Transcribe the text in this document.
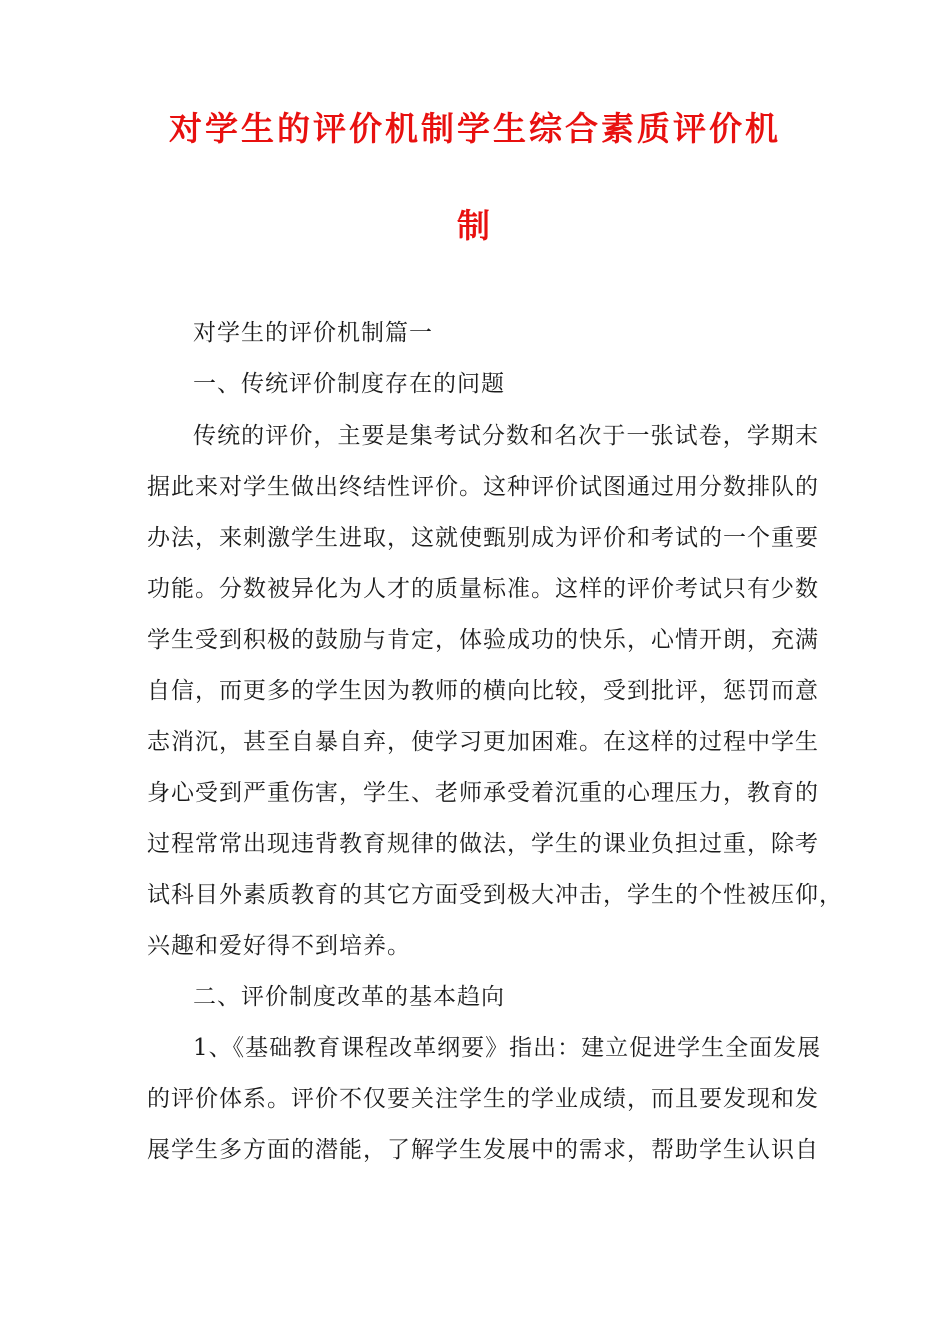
对学生的评价机制学生综合素质评价机
制
对学生的评价机制篇一
一、传统评价制度存在的问题
传统的评价，主要是集考试分数和名次于一张试卷，学期末
据此来对学生做出终结性评价。这种评价试图通过用分数排队的
办法，来刺激学生进取，这就使甄别成为评价和考试的一个重要
功能。分数被异化为人才的质量标准。这样的评价考试只有少数
学生受到积极的鼓励与肯定，体验成功的快乐，心情开朗，充满
自信，而更多的学生因为教师的横向比较，受到批评，惩罚而意
志消沉，甚至自暴自弃，使学习更加困难。在这样的过程中学生
身心受到严重伤害，学生、老师承受着沉重的心理压力，教育的
过程常常出现违背教育规律的做法，学生的课业负担过重，除考
试科目外素质教育的其它方面受到极大冲击，学生的个性被压仰，
兴趣和爱好得不到培养。
二、评价制度改革的基本趋向
1、《基础教育课程改革纲要》指出：建立促进学生全面发展
的评价体系。评价不仅要关注学生的学业成绩，而且要发现和发
展学生多方面的潜能，了解学生发展中的需求，帮助学生认识自
